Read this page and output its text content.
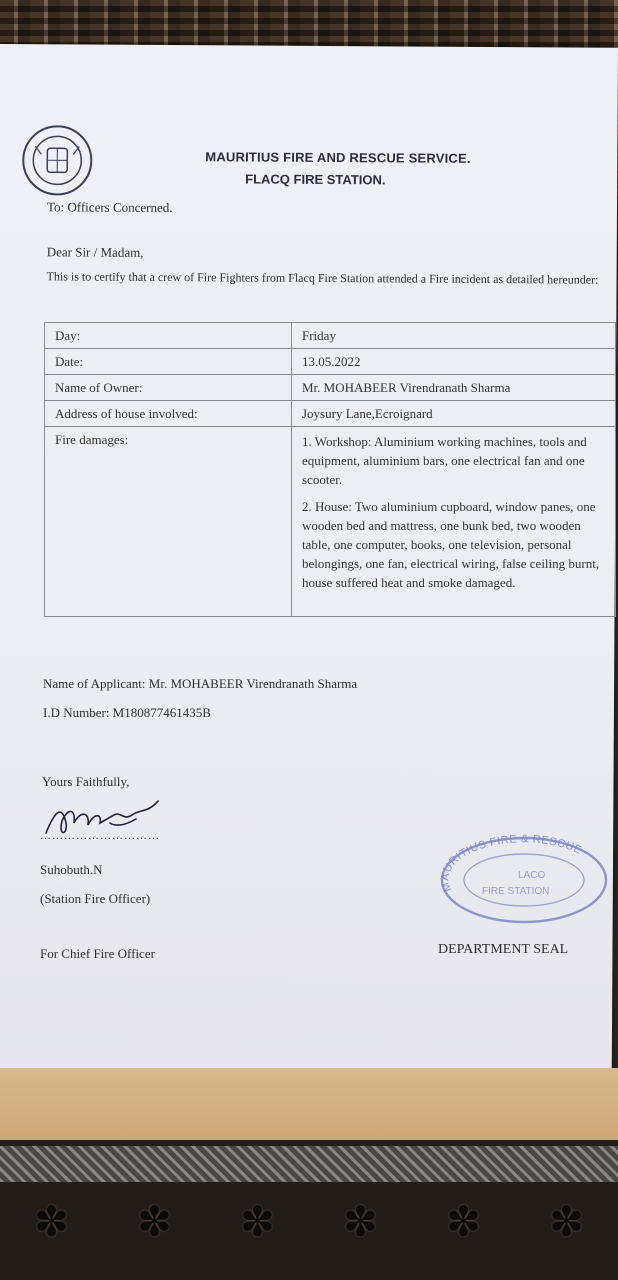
MAURITIUS FIRE AND RESCUE SERVICE.
FLACQ FIRE STATION.
To: Officers Concerned.
Dear Sir / Madam,
This is to certify that a crew of Fire Fighters from Flacq Fire Station attended a Fire incident as detailed hereunder:
Day:	Friday
Date:	13.05.2022
Name of Owner:	Mr. MOHABEER Virendranath Sharma
Address of house involved:	Joysury Lane,Ecroignard
Fire damages:	1. Workshop: Aluminium working machines, tools and equipment, aluminium bars, one electrical fan and one scooter.

2. House: Two aluminium cupboard, window panes, one wooden bed and mattress, one bunk bed, two wooden table, one computer, books, one television, personal belongings, one fan, electrical wiring, false ceiling burnt, house suffered heat and smoke damaged.

Name of Applicant: Mr. MOHABEER Virendranath Sharma
I.D Number: M180877461435B
Yours Faithfully,
…………………………
Suhobuth.N
(Station Fire Officer)
For Chief Fire Officer
MAURITIUS FIRE & RESCUE
LACO
FIRE STATION
DEPARTMENT SEAL
✽ ✽ ✽ ✽ ✽ ✽
